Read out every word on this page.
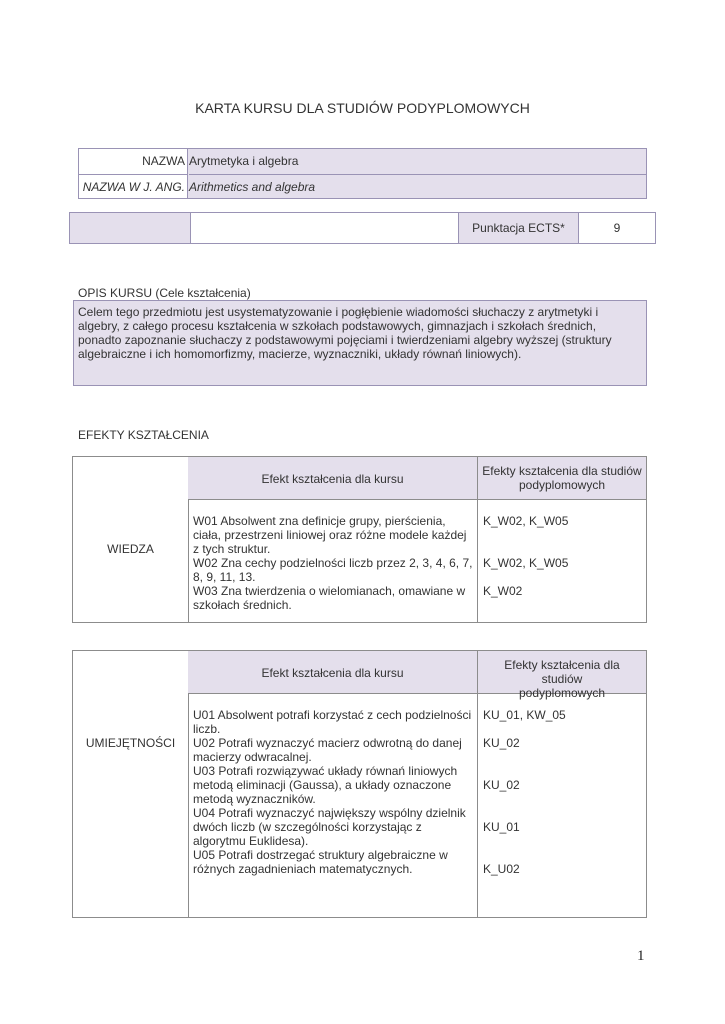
KARTA KURSU DLA STUDIÓW PODYPLOMOWYCH
NAZWA Arytmetyka i algebra
NAZWA W J. ANG. Arithmetics and algebra
Punktacja ECTS*	9
OPIS KURSU (Cele kształcenia)
Celem tego przedmiotu jest usystematyzowanie i pogłębienie wiadomości słuchaczy z arytmetyki i algebry, z całego procesu kształcenia w szkołach podstawowych, gimnazjach i szkołach średnich, ponadto zapoznanie słuchaczy z podstawowymi pojęciami i twierdzeniami algebry wyższej (struktury algebraiczne i ich homomorfizmy, macierze, wyznaczniki, układy równań liniowych).
EFEKTY KSZTAŁCENIA
WIEDZA
Efekt kształcenia dla kursu
Efekty kształcenia dla studiów podyplomowych
W01 Absolwent zna definicje grupy, pierścienia, ciała, przestrzeni liniowej oraz różne modele każdej z tych struktur.
W02 Zna cechy podzielności liczb przez 2, 3, 4, 6, 7, 8, 9, 11, 13.
W03 Zna twierdzenia o wielomianach, omawiane w szkołach średnich.
K_W02, K_W05
K_W02, K_W05
K_W02
UMIEJĘTNOŚCI
Efekt kształcenia dla kursu
Efekty kształcenia dla studiów podyplomowych
U01 Absolwent potrafi korzystać z cech podzielności liczb.
U02 Potrafi wyznaczyć macierz odwrotną do danej macierzy odwracalnej.
U03 Potrafi rozwiązywać układy równań liniowych metodą eliminacji (Gaussa), a układy oznaczone metodą wyznaczników.
U04 Potrafi wyznaczyć największy wspólny dzielnik dwóch liczb (w szczególności korzystając z algorytmu Euklidesa).
U05 Potrafi dostrzegać struktury algebraiczne w różnych zagadnieniach matematycznych.
KU_01, KW_05
KU_02
KU_02
KU_01
K_U02
1
